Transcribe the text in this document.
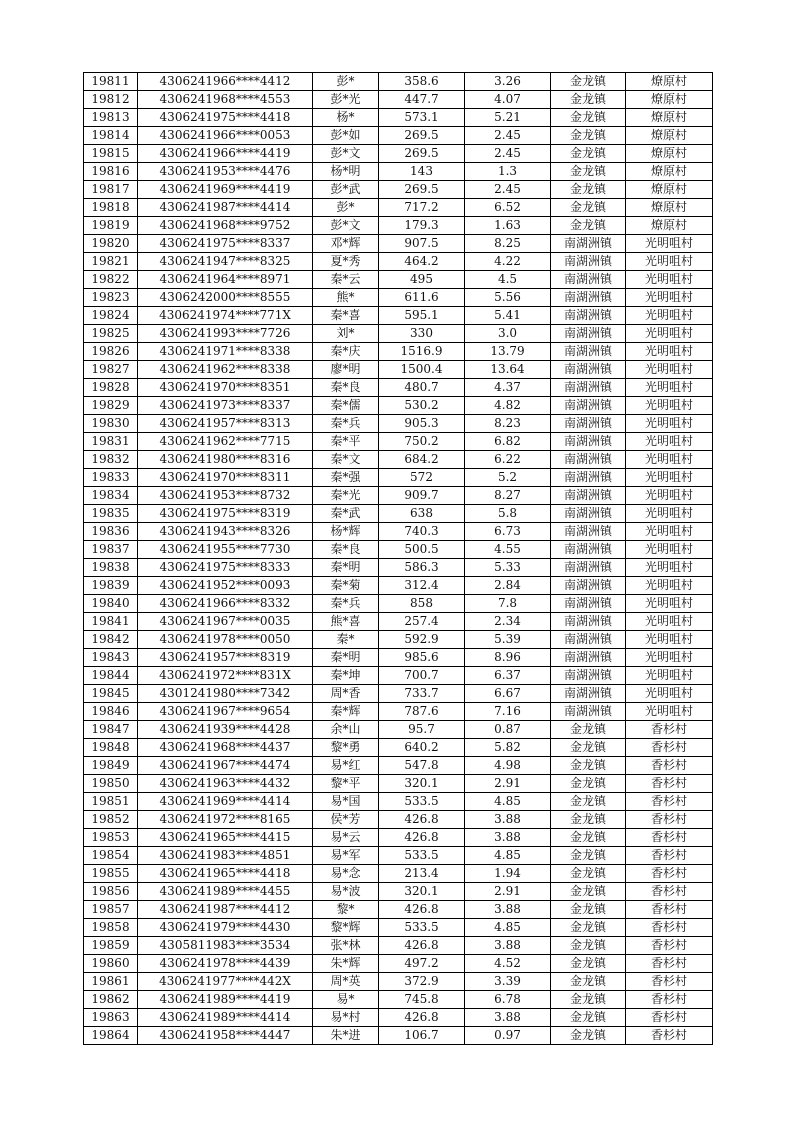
19811	4306241966****4412	彭*	358.6	3.26	金龙镇	燎原村
19812	4306241968****4553	彭*光	447.7	4.07	金龙镇	燎原村
19813	4306241975****4418	杨*	573.1	5.21	金龙镇	燎原村
19814	4306241966****0053	彭*如	269.5	2.45	金龙镇	燎原村
19815	4306241966****4419	彭*文	269.5	2.45	金龙镇	燎原村
19816	4306241953****4476	杨*明	143	1.3	金龙镇	燎原村
19817	4306241969****4419	彭*武	269.5	2.45	金龙镇	燎原村
19818	4306241987****4414	彭*	717.2	6.52	金龙镇	燎原村
19819	4306241968****9752	彭*文	179.3	1.63	金龙镇	燎原村
19820	4306241975****8337	邓*辉	907.5	8.25	南湖洲镇	光明咀村
19821	4306241947****8325	夏*秀	464.2	4.22	南湖洲镇	光明咀村
19822	4306241964****8971	秦*云	495	4.5	南湖洲镇	光明咀村
19823	4306242000****8555	熊*	611.6	5.56	南湖洲镇	光明咀村
19824	4306241974****771X	秦*喜	595.1	5.41	南湖洲镇	光明咀村
19825	4306241993****7726	刘*	330	3.0	南湖洲镇	光明咀村
19826	4306241971****8338	秦*庆	1516.9	13.79	南湖洲镇	光明咀村
19827	4306241962****8338	廖*明	1500.4	13.64	南湖洲镇	光明咀村
19828	4306241970****8351	秦*良	480.7	4.37	南湖洲镇	光明咀村
19829	4306241973****8337	秦*儒	530.2	4.82	南湖洲镇	光明咀村
19830	4306241957****8313	秦*兵	905.3	8.23	南湖洲镇	光明咀村
19831	4306241962****7715	秦*平	750.2	6.82	南湖洲镇	光明咀村
19832	4306241980****8316	秦*文	684.2	6.22	南湖洲镇	光明咀村
19833	4306241970****8311	秦*强	572	5.2	南湖洲镇	光明咀村
19834	4306241953****8732	秦*光	909.7	8.27	南湖洲镇	光明咀村
19835	4306241975****8319	秦*武	638	5.8	南湖洲镇	光明咀村
19836	4306241943****8326	杨*辉	740.3	6.73	南湖洲镇	光明咀村
19837	4306241955****7730	秦*良	500.5	4.55	南湖洲镇	光明咀村
19838	4306241975****8333	秦*明	586.3	5.33	南湖洲镇	光明咀村
19839	4306241952****0093	秦*菊	312.4	2.84	南湖洲镇	光明咀村
19840	4306241966****8332	秦*兵	858	7.8	南湖洲镇	光明咀村
19841	4306241967****0035	熊*喜	257.4	2.34	南湖洲镇	光明咀村
19842	4306241978****0050	秦*	592.9	5.39	南湖洲镇	光明咀村
19843	4306241957****8319	秦*明	985.6	8.96	南湖洲镇	光明咀村
19844	4306241972****831X	秦*坤	700.7	6.37	南湖洲镇	光明咀村
19845	4301241980****7342	周*香	733.7	6.67	南湖洲镇	光明咀村
19846	4306241967****9654	秦*辉	787.6	7.16	南湖洲镇	光明咀村
19847	4306241939****4428	余*山	95.7	0.87	金龙镇	香杉村
19848	4306241968****4437	黎*勇	640.2	5.82	金龙镇	香杉村
19849	4306241967****4474	易*红	547.8	4.98	金龙镇	香杉村
19850	4306241963****4432	黎*平	320.1	2.91	金龙镇	香杉村
19851	4306241969****4414	易*国	533.5	4.85	金龙镇	香杉村
19852	4306241972****8165	侯*芳	426.8	3.88	金龙镇	香杉村
19853	4306241965****4415	易*云	426.8	3.88	金龙镇	香杉村
19854	4306241983****4851	易*军	533.5	4.85	金龙镇	香杉村
19855	4306241965****4418	易*念	213.4	1.94	金龙镇	香杉村
19856	4306241989****4455	易*波	320.1	2.91	金龙镇	香杉村
19857	4306241987****4412	黎*	426.8	3.88	金龙镇	香杉村
19858	4306241979****4430	黎*辉	533.5	4.85	金龙镇	香杉村
19859	4305811983****3534	张*林	426.8	3.88	金龙镇	香杉村
19860	4306241978****4439	朱*辉	497.2	4.52	金龙镇	香杉村
19861	4306241977****442X	周*英	372.9	3.39	金龙镇	香杉村
19862	4306241989****4419	易*	745.8	6.78	金龙镇	香杉村
19863	4306241989****4414	易*村	426.8	3.88	金龙镇	香杉村
19864	4306241958****4447	朱*进	106.7	0.97	金龙镇	香杉村
